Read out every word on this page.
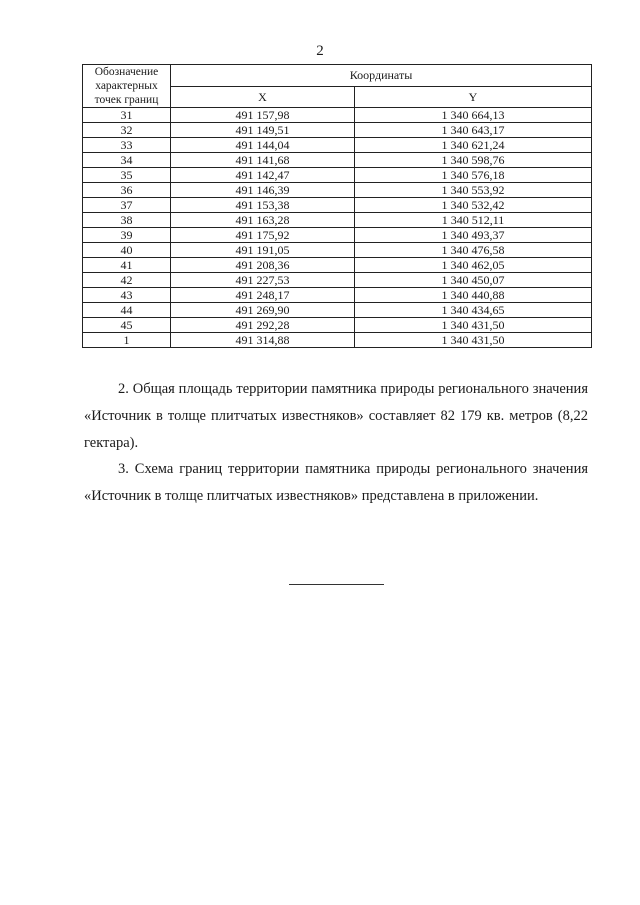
2
Обозначение характерных точек границ	Координаты	
	X	Y
31	491 157,98	1 340 664,13
32	491 149,51	1 340 643,17
33	491 144,04	1 340 621,24
34	491 141,68	1 340 598,76
35	491 142,47	1 340 576,18
36	491 146,39	1 340 553,92
37	491 153,38	1 340 532,42
38	491 163,28	1 340 512,11
39	491 175,92	1 340 493,37
40	491 191,05	1 340 476,58
41	491 208,36	1 340 462,05
42	491 227,53	1 340 450,07
43	491 248,17	1 340 440,88
44	491 269,90	1 340 434,65
45	491 292,28	1 340 431,50
1	491 314,88	1 340 431,50
2. Общая площадь территории памятника природы регионального значения «Источник в толще плитчатых известняков» составляет 82 179 кв. метров (8,22 гектара).
3. Схема границ территории памятника природы регионального значения «Источник в толще плитчатых известняков» представлена в приложении.
